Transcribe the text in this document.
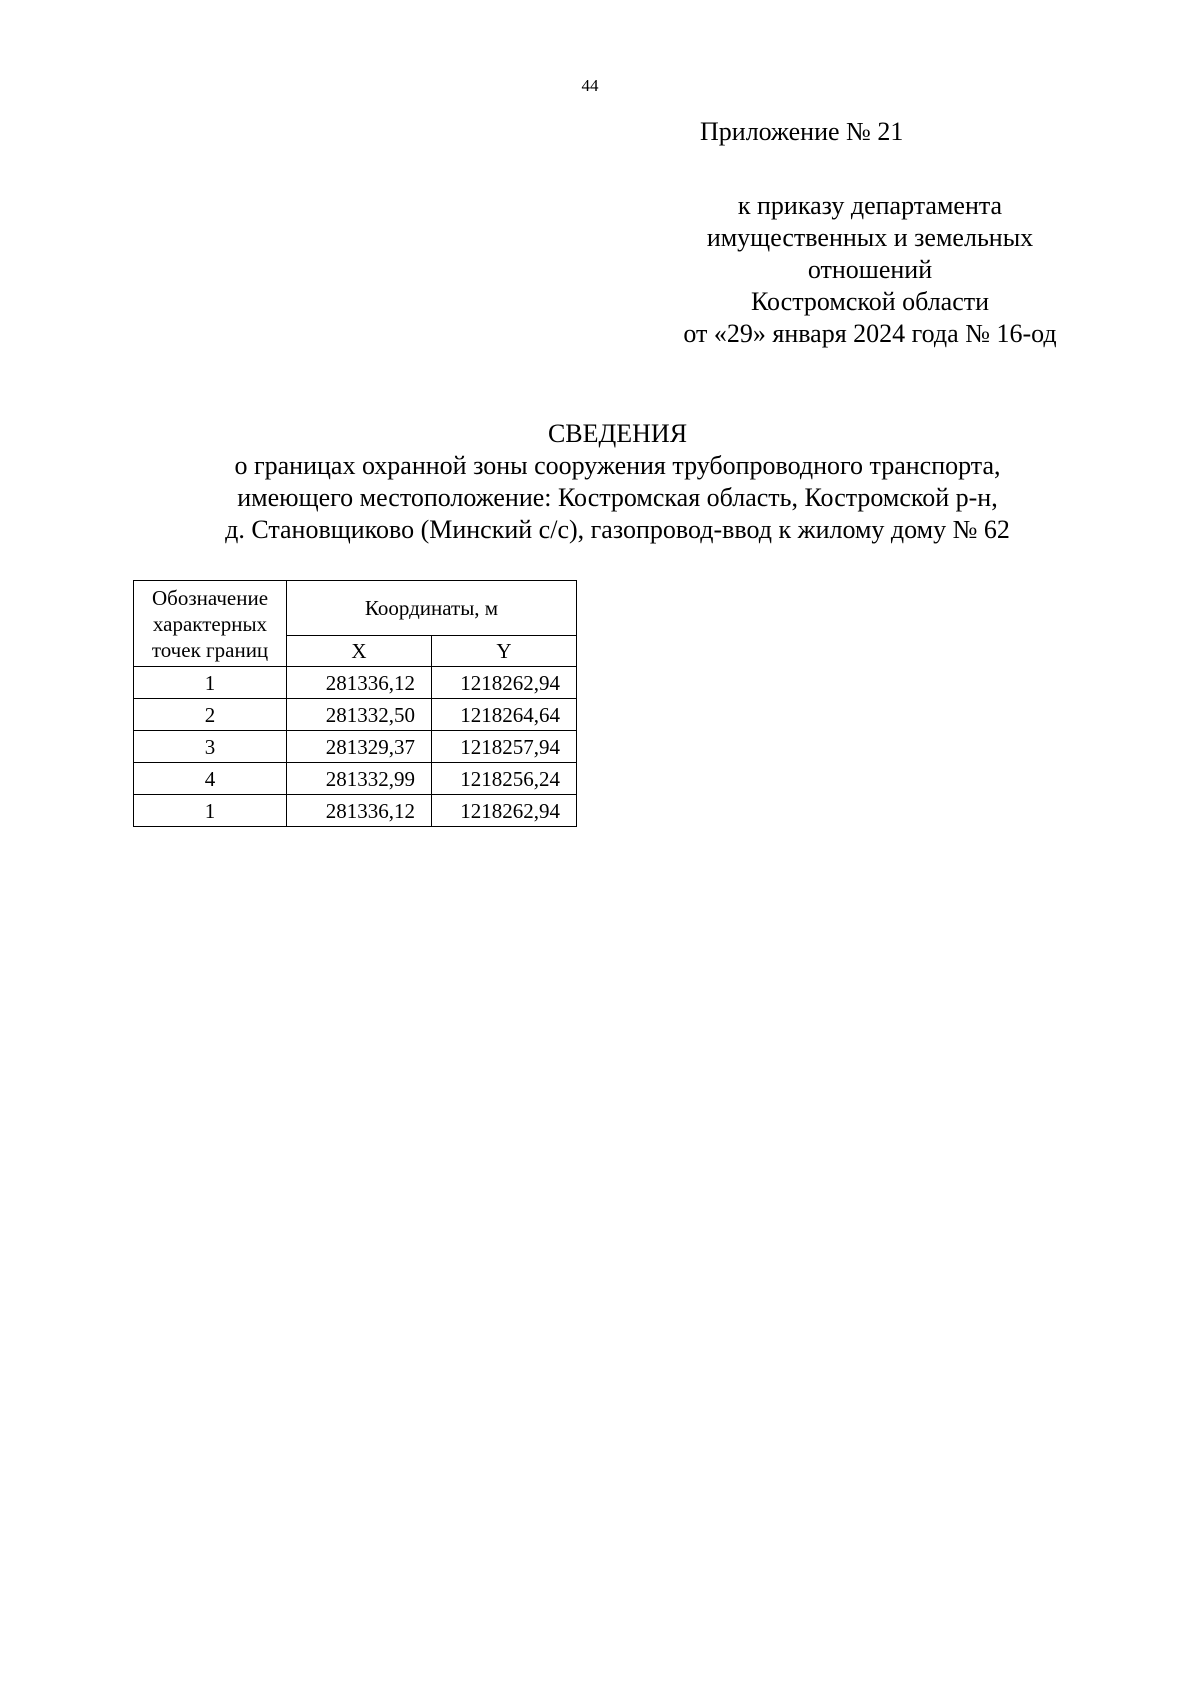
44
Приложение № 21
к приказу департамента
имущественных и земельных
отношений
Костромской области
от «29» января 2024 года № 16-од
СВЕДЕНИЯ
о границах охранной зоны сооружения трубопроводного транспорта,
имеющего местоположение: Костромская область, Костромской р-н,
д. Становщиково (Минский с/с), газопровод-ввод к жилому дому № 62
Обозначение
характерных
точек границ	Координаты, м	
	X	Y
1	281336,12	1218262,94
2	281332,50	1218264,64
3	281329,37	1218257,94
4	281332,99	1218256,24
1	281336,12	1218262,94
